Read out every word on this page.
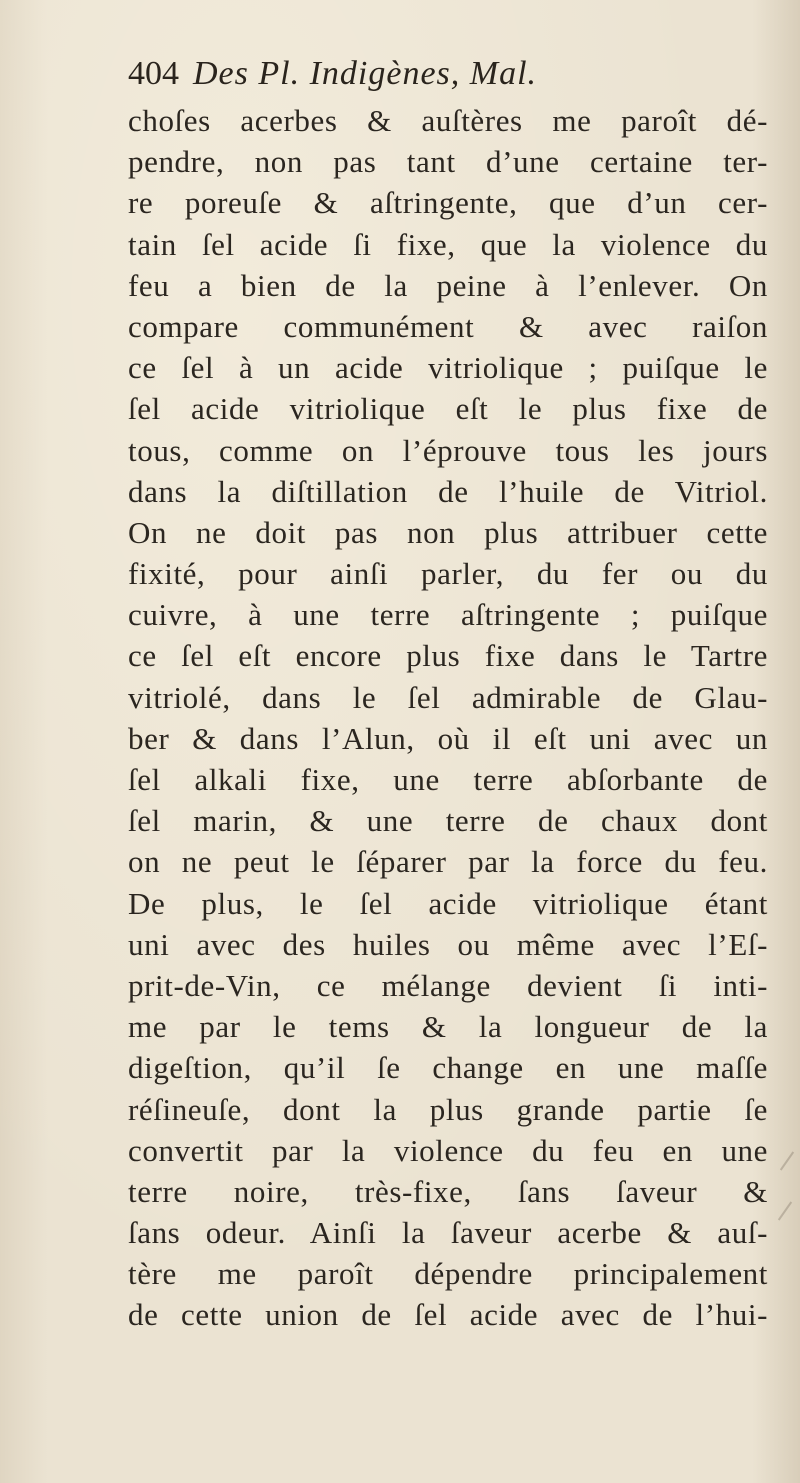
404 Des Pl. Indigènes, Mal.
choſes acerbes & auſtères me paroît dé-
pendre, non pas tant d’une certaine ter-
re poreuſe & aſtringente, que d’un cer-
tain ſel acide ſi fixe, que la violence du
feu a bien de la peine à l’enlever. On
compare communément & avec raiſon
ce ſel à un acide vitriolique ; puiſque le
ſel acide vitriolique eſt le plus fixe de
tous, comme on l’éprouve tous les jours
dans la diſtillation de l’huile de Vitriol.
On ne doit pas non plus attribuer cette
fixité, pour ainſi parler, du fer ou du
cuivre, à une terre aſtringente ; puiſque
ce ſel eſt encore plus fixe dans le Tartre
vitriolé, dans le ſel admirable de Glau-
ber & dans l’Alun, où il eſt uni avec un
ſel alkali fixe, une terre abſorbante de
ſel marin, & une terre de chaux dont
on ne peut le ſéparer par la force du feu.
De plus, le ſel acide vitriolique étant
uni avec des huiles ou même avec l’Eſ-
prit-de-Vin, ce mélange devient ſi inti-
me par le tems & la longueur de la
digeſtion, qu’il ſe change en une maſſe
réſineuſe, dont la plus grande partie ſe
convertit par la violence du feu en une
terre noire, très-fixe, ſans ſaveur &
ſans odeur. Ainſi la ſaveur acerbe & auſ-
tère me paroît dépendre principalement
de cette union de ſel acide avec de l’hui-
